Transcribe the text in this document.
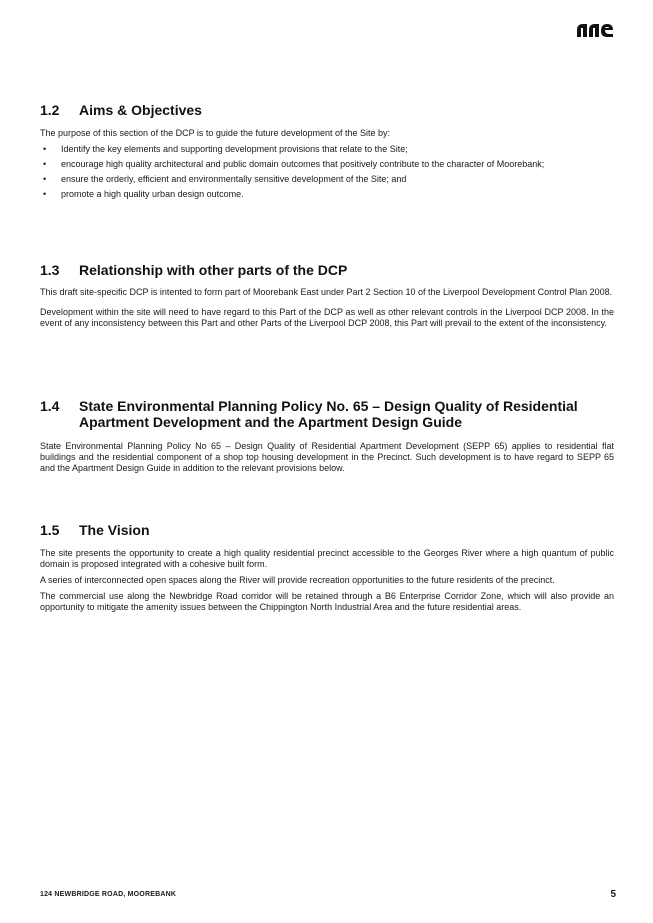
1.2	Aims & Objectives

The purpose of this section of the DCP is to guide the future development of the Site by:

• Identify the key elements and supporting development provisions that relate to the Site;
• encourage high quality architectural and public domain outcomes that positively contribute to the character of Moorebank;
• ensure the orderly, efficient and environmentally sensitive development of the Site; and
• promote a high quality urban design outcome.
1.3	Relationship with other parts of the DCP

This draft site-specific DCP is intented to form part of Moorebank East under Part 2 Section 10 of the Liverpool Development Control Plan 2008.

Development within the site will need to have regard to this Part of the DCP as well as other relevant controls in the Liverpool DCP 2008. In the event of any inconsistency between this Part and other Parts of the Liverpool DCP 2008, this Part will prevail to the extent of the inconsistency.

1.4	State Environmental Planning Policy No. 65 – Design Quality of Residential Apartment Development and the Apartment Design Guide

State Environmental Planning Policy No 65 – Design Quality of Residential Apartment Development (SEPP 65) applies to residential flat buildings and the residential component of a shop top housing development in the Precinct. Such development is to have regard to SEPP 65 and the Apartment Design Guide in addition to the relevant provisions below.

1.5	The Vision

The site presents the opportunity to create a high quality residential precinct accessible to the Georges River where a high quantum of public domain is proposed integrated with a cohesive built form.

A series of interconnected open spaces along the River will provide recreation opportunities to the future residents of the precinct.

The commercial use along the Newbridge Road corridor will be retained through a B6 Enterprise Corridor Zone, which will also provide an opportunity to mitigate the amenity issues between the Chippington North Industrial Area and the future residential areas.

124 NEWBRIDGE ROAD, MOOREBANK	5
